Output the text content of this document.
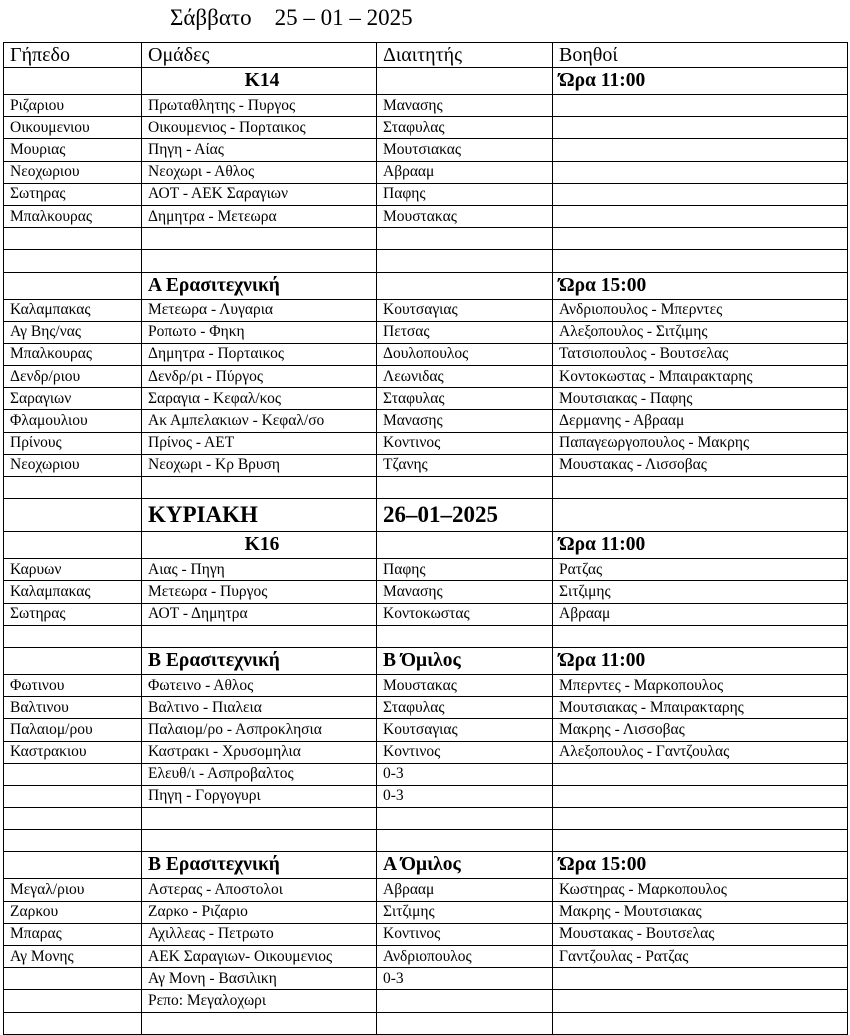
Σάββατο    25 – 01 – 2025
Γήπεδο	Ομάδες	Διαιτητής	Βοηθοί
	Κ14		Ώρα 11:00
Ριζαριου	Πρωταθλητης - Πυργος	Μανασης	
Οικουμενιου	Οικουμενιος - Πορταικος	Σταφυλας	
Μουριας	Πηγη - Αίας	Μουτσιακας	
Νεοχωριου	Νεοχωρι - Αθλος	Αβρααμ	
Σωτηρας	ΑΟΤ - ΑΕΚ Σαραγιων	Παφης	
Μπαλκουρας	Δημητρα - Μετεωρα	Μουστακας	

	Α Ερασιτεχνική		Ώρα 15:00
Καλαμπακας	Μετεωρα - Λυγαρια	Κουτσαγιας	Ανδριοπουλος - Μπερντες
Αγ Βης/νας	Ροπωτο - Φηκη	Πετσας	Αλεξοπουλος - Σιτζιμης
Μπαλκουρας	Δημητρα - Πορταικος	Δουλοπουλος	Τατσιοπουλος - Βουτσελας
Δενδρ/ριου	Δενδρ/ρι - Πύργος	Λεωνιδας	Κοντοκωστας - Μπαιρακταρης
Σαραγιων	Σαραγια - Κεφαλ/κος	Σταφυλας	Μουτσιακας - Παφης
Φλαμουλιου	Ακ Αμπελακιων - Κεφαλ/σο	Μανασης	Δερμανης - Αβρααμ
Πρίνους	Πρίνος - ΑΕΤ	Κοντινος	Παπαγεωργοπουλος - Μακρης
Νεοχωριου	Νεοχωρι - Κρ Βρυση	Τζανης	Μουστακας - Λισσοβας

	ΚΥΡΙΑΚΗ	26–01–2025	
	Κ16		Ώρα 11:00
Καρυων	Αιας - Πηγη	Παφης	Ρατζας
Καλαμπακας	Μετεωρα - Πυργος	Μανασης	Σιτζιμης
Σωτηρας	ΑΟΤ - Δημητρα	Κοντοκωστας	Αβρααμ

	Β Ερασιτεχνική	Β Όμιλος	Ώρα 11:00
Φωτινου	Φωτεινο - Αθλος	Μουστακας	Μπερντες - Μαρκοπουλος
Βαλτινου	Βαλτινο - Πιαλεια	Σταφυλας	Μουτσιακας - Μπαιρακταρης
Παλαιομ/ρου	Παλαιομ/ρο - Ασπροκλησια	Κουτσαγιας	Μακρης - Λισσοβας
Καστρακιου	Καστρακι - Χρυσομηλια	Κοντινος	Αλεξοπουλος - Γαντζουλας
	Ελευθ/ι - Ασπροβαλτος	0-3	
	Πηγη - Γοργογυρι	0-3	

	Β Ερασιτεχνική	Α Όμιλος	Ώρα 15:00
Μεγαλ/ριου	Αστερας - Αποστολοι	Αβρααμ	Κωστηρας - Μαρκοπουλος
Ζαρκου	Ζαρκο - Ριζαριο	Σιτζιμης	Μακρης - Μουτσιακας
Μπαρας	Αχιλλεας - Πετρωτο	Κοντινος	Μουστακας - Βουτσελας
Αγ Μονης	ΑΕΚ Σαραγιων- Οικουμενιος	Ανδριοπουλος	Γαντζουλας - Ρατζας
	Αγ Μονη - Βασιλικη	0-3	
	Ρεπο: Μεγαλοχωρι		
